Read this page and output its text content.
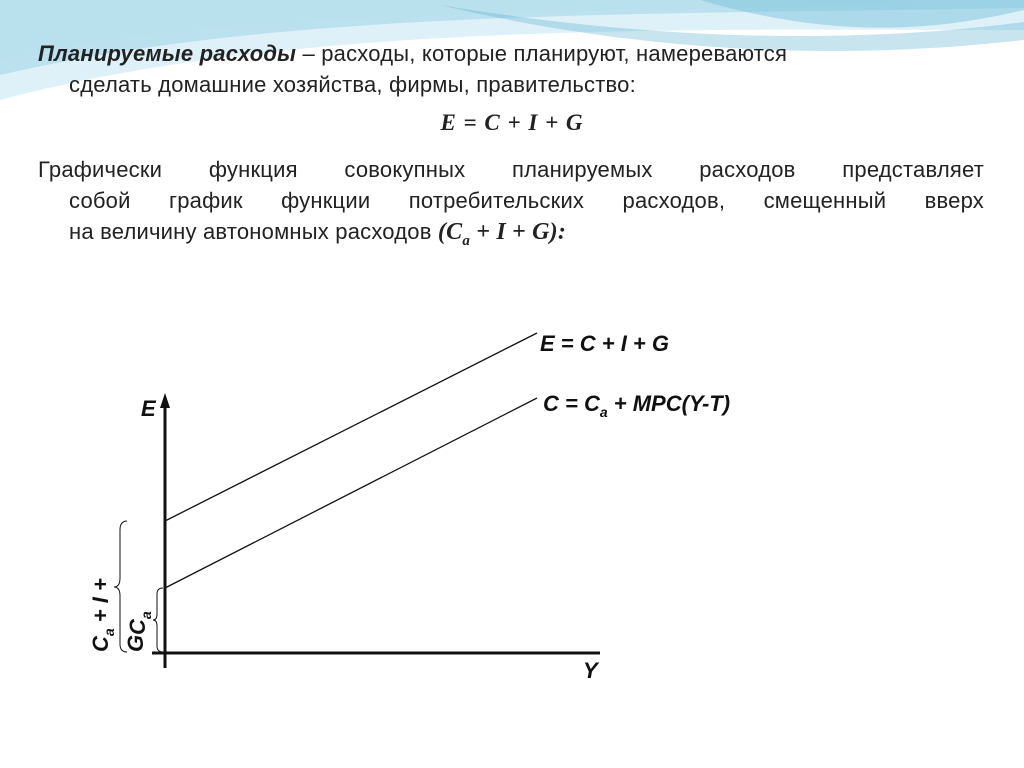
Планируемые расходы – расходы, которые планируют, намереваются
сделать домашние хозяйства, фирмы, правительство:
E = C + I + G
Графически функция совокупных планируемых расходов представляет
собой график функции потребительских расходов, смещенный вверх
на величину автономных расходов $(C_a + I + G)$:
E
Y
E = C + I + G
$C = C_a + MPC(Y-T)$
$C_a + I$ +
G
$C_a$
